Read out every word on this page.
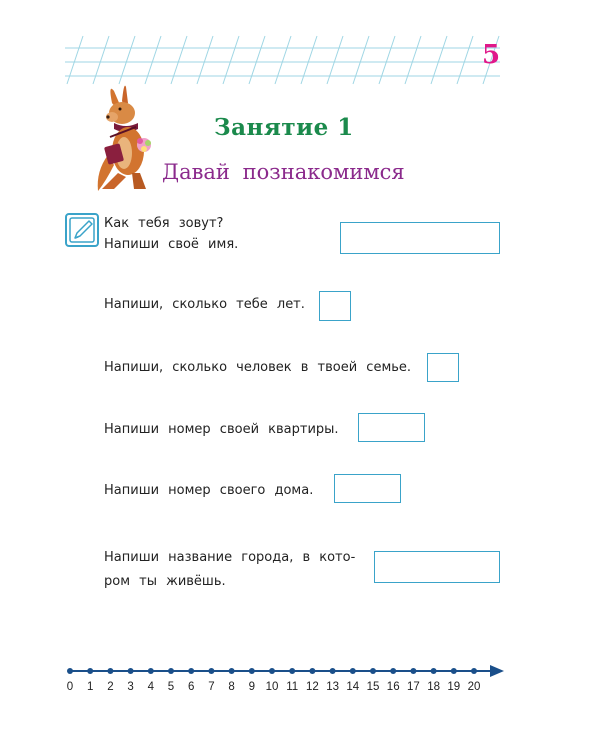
5
Занятие 1
Давай познакомимся
Как тебя зовут?
Напиши своё имя.
Напиши, сколько тебе лет.
Напиши, сколько человек в твоей семье.
Напиши номер своей квартиры.
Напиши номер своего дома.
Напиши название города, в кото-
ром ты живёшь.
0 1 2 3 4 5 6 7 8 9 10 11 12 13 14 15 16 17 18 19 20
